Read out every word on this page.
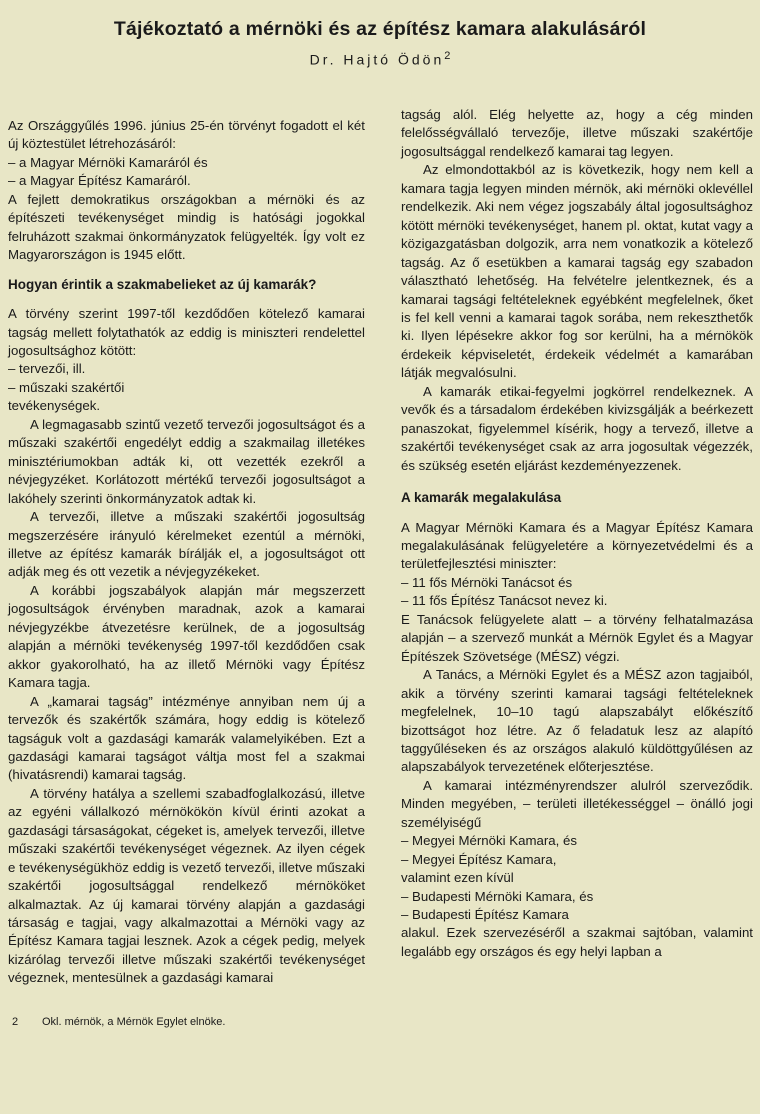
Tájékoztató a mérnöki és az építész kamara alakulásáról
Dr. Hajtó Ödön$^2$

Az Országgyűlés 1996. június 25-én törvényt fogadott el két új köztestület létrehozásáról:

– a Magyar Mérnöki Kamaráról és

– a Magyar Építész Kamaráról.

A fejlett demokratikus országokban a mérnöki és az építészeti tevékenységet mindig is hatósági jogokkal felruházott szakmai önkormányzatok felügyelték. Így volt ez Magyarországon is 1945 előtt.

Hogyan érintik a szakmabelieket az új kamarák?

A törvény szerint 1997-től kezdődően kötelező kamarai tagság mellett folytathatók az eddig is miniszteri rendelettel jogosultsághoz kötött:

– tervezői, ill.

– műszaki szakértői

tevékenységek.

A legmagasabb szintű vezető tervezői jogosultságot és a műszaki szakértői engedélyt eddig a szakmailag illetékes minisztériumokban adták ki, ott vezették ezekről a névjegyzéket. Korlátozott mértékű tervezői jogosultságot a lakóhely szerinti önkormányzatok adtak ki.

A tervezői, illetve a műszaki szakértői jogosultság megszerzésére irányuló kérelmeket ezentúl a mérnöki, illetve az építész kamarák bírálják el, a jogosultságot ott adják meg és ott vezetik a névjegyzékeket.

A korábbi jogszabályok alapján már megszerzett jogosultságok érvényben maradnak, azok a kamarai névjegyzékbe átvezetésre kerülnek, de a jogosultság alapján a mérnöki tevékenység 1997-től kezdődően csak akkor gyakorolható, ha az illető Mérnöki vagy Építész Kamara tagja.

A „kamarai tagság” intézménye annyiban nem új a tervezők és szakértők számára, hogy eddig is kötelező tagságuk volt a gazdasági kamarák valamelyikében. Ezt a gazdasági kamarai tagságot váltja most fel a szakmai (hivatásrendi) kamarai tagság.

A törvény hatálya a szellemi szabadfoglalkozású, illetve az egyéni vállalkozó mérnökökön kívül érinti azokat a gazdasági társaságokat, cégeket is, amelyek tervezői, illetve műszaki szakértői tevékenységet végeznek. Az ilyen cégek e tevékenységükhöz eddig is vezető tervezői, illetve műszaki szakértői jogosultsággal rendelkező mérnököket alkalmaztak. Az új kamarai törvény alapján a gazdasági társaság e tagjai, vagy alkalmazottai a Mérnöki vagy az Építész Kamara tagjai lesznek. Azok a cégek pedig, melyek kizárólag tervezői illetve műszaki szakértői tevékenységet végeznek, mentesülnek a gazdasági kamarai

tagság alól. Elég helyette az, hogy a cég minden felelősségvállaló tervezője, illetve műszaki szakértője jogosultsággal rendelkező kamarai tag legyen.

Az elmondottakból az is következik, hogy nem kell a kamara tagja legyen minden mérnök, aki mérnöki oklevéllel rendelkezik. Aki nem végez jogszabály által jogosultsághoz kötött mérnöki tevékenységet, hanem pl. oktat, kutat vagy a közigazgatásban dolgozik, arra nem vonatkozik a kötelező tagság. Az ő esetükben a kamarai tagság egy szabadon választható lehetőség. Ha felvételre jelentkeznek, és a kamarai tagsági feltételeknek egyébként megfelelnek, őket is fel kell venni a kamarai tagok sorába, nem rekeszthetők ki. Ilyen lépésekre akkor fog sor kerülni, ha a mérnökök érdekeik képviseletét, érdekeik védelmét a kamarában látják megvalósulni.

A kamarák etikai-fegyelmi jogkörrel rendelkeznek. A vevők és a társadalom érdekében kivizsgálják a beérkezett panaszokat, figyelemmel kísérik, hogy a tervező, illetve a szakértői tevékenységet csak az arra jogosultak végezzék, és szükség esetén eljárást kezdeményezzenek.

A kamarák megalakulása

A Magyar Mérnöki Kamara és a Magyar Építész Kamara megalakulásának felügyeletére a környezetvédelmi és a területfejlesztési miniszter:

– 11 fős Mérnöki Tanácsot és

– 11 fős Építész Tanácsot nevez ki.

E Tanácsok felügyelete alatt – a törvény felhatalmazása alapján – a szervező munkát a Mérnök Egylet és a Magyar Építészek Szövetsége (MÉSZ) végzi.

A Tanács, a Mérnöki Egylet és a MÉSZ azon tagjaiból, akik a törvény szerinti kamarai tagsági feltételeknek megfelelnek, 10–10 tagú alapszabályt előkészítő bizottságot hoz létre. Az ő feladatuk lesz az alapító taggyűléseken és az országos alakuló küldöttgyűlésen az alapszabályok tervezetének előterjesztése.

A kamarai intézményrendszer alulról szerveződik. Minden megyében, – területi illetékességgel – önálló jogi személyiségű

– Megyei Mérnöki Kamara, és

– Megyei Építész Kamara,

valamint ezen kívül

– Budapesti Mérnöki Kamara, és

– Budapesti Építész Kamara

alakul. Ezek szervezéséről a szakmai sajtóban, valamint legalább egy országos és egy helyi lapban a

2 Okl. mérnök, a Mérnök Egylet elnöke.
